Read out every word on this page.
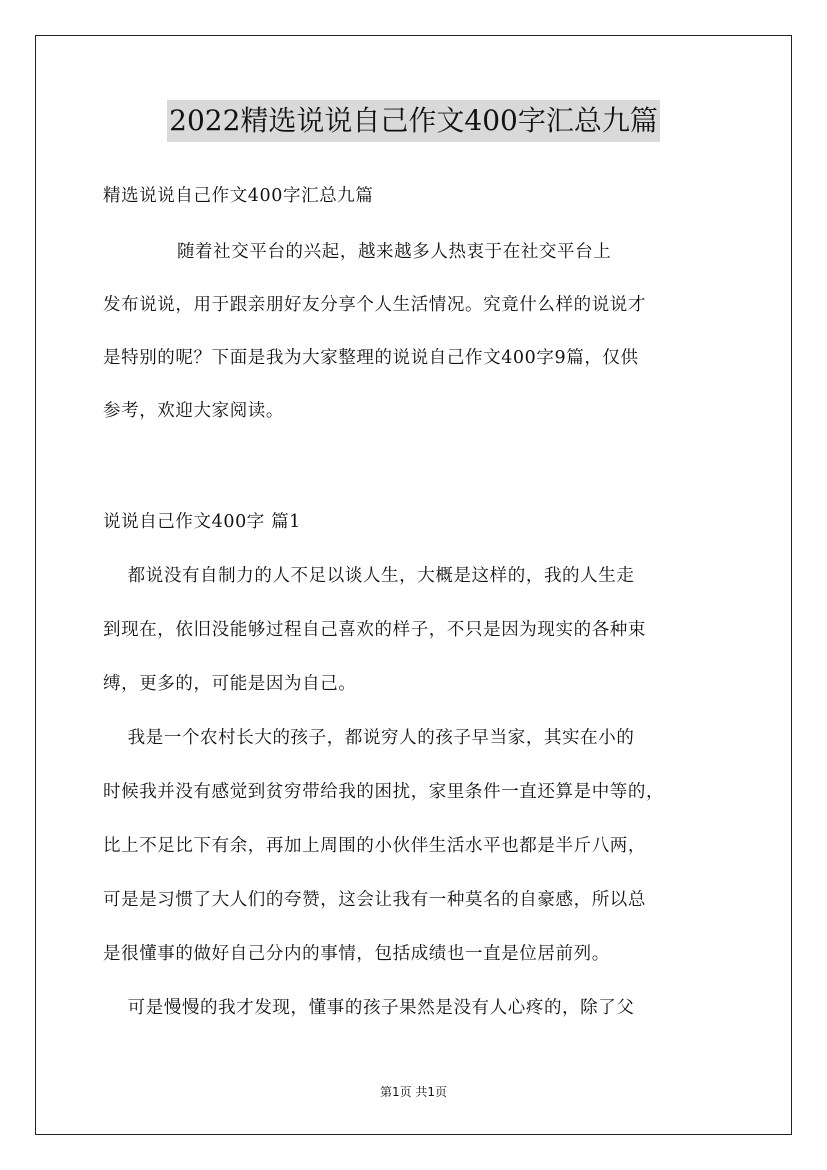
2022精选说说自己作文400字汇总九篇
精选说说自己作文400字汇总九篇
随着社交平台的兴起，越来越多人热衷于在社交平台上
发布说说，用于跟亲朋好友分享个人生活情况。究竟什么样的说说才
是特别的呢？下面是我为大家整理的说说自己作文400字9篇，仅供
参考，欢迎大家阅读。
说说自己作文400字 篇1
都说没有自制力的人不足以谈人生，大概是这样的，我的人生走
到现在，依旧没能够过程自己喜欢的样子，不只是因为现实的各种束
缚，更多的，可能是因为自己。
我是一个农村长大的孩子，都说穷人的孩子早当家，其实在小的
时候我并没有感觉到贫穷带给我的困扰，家里条件一直还算是中等的，
比上不足比下有余，再加上周围的小伙伴生活水平也都是半斤八两，
可是是习惯了大人们的夸赞，这会让我有一种莫名的自豪感，所以总
是很懂事的做好自己分内的事情，包括成绩也一直是位居前列。
可是慢慢的我才发现，懂事的孩子果然是没有人心疼的，除了父
第1页 共1页
